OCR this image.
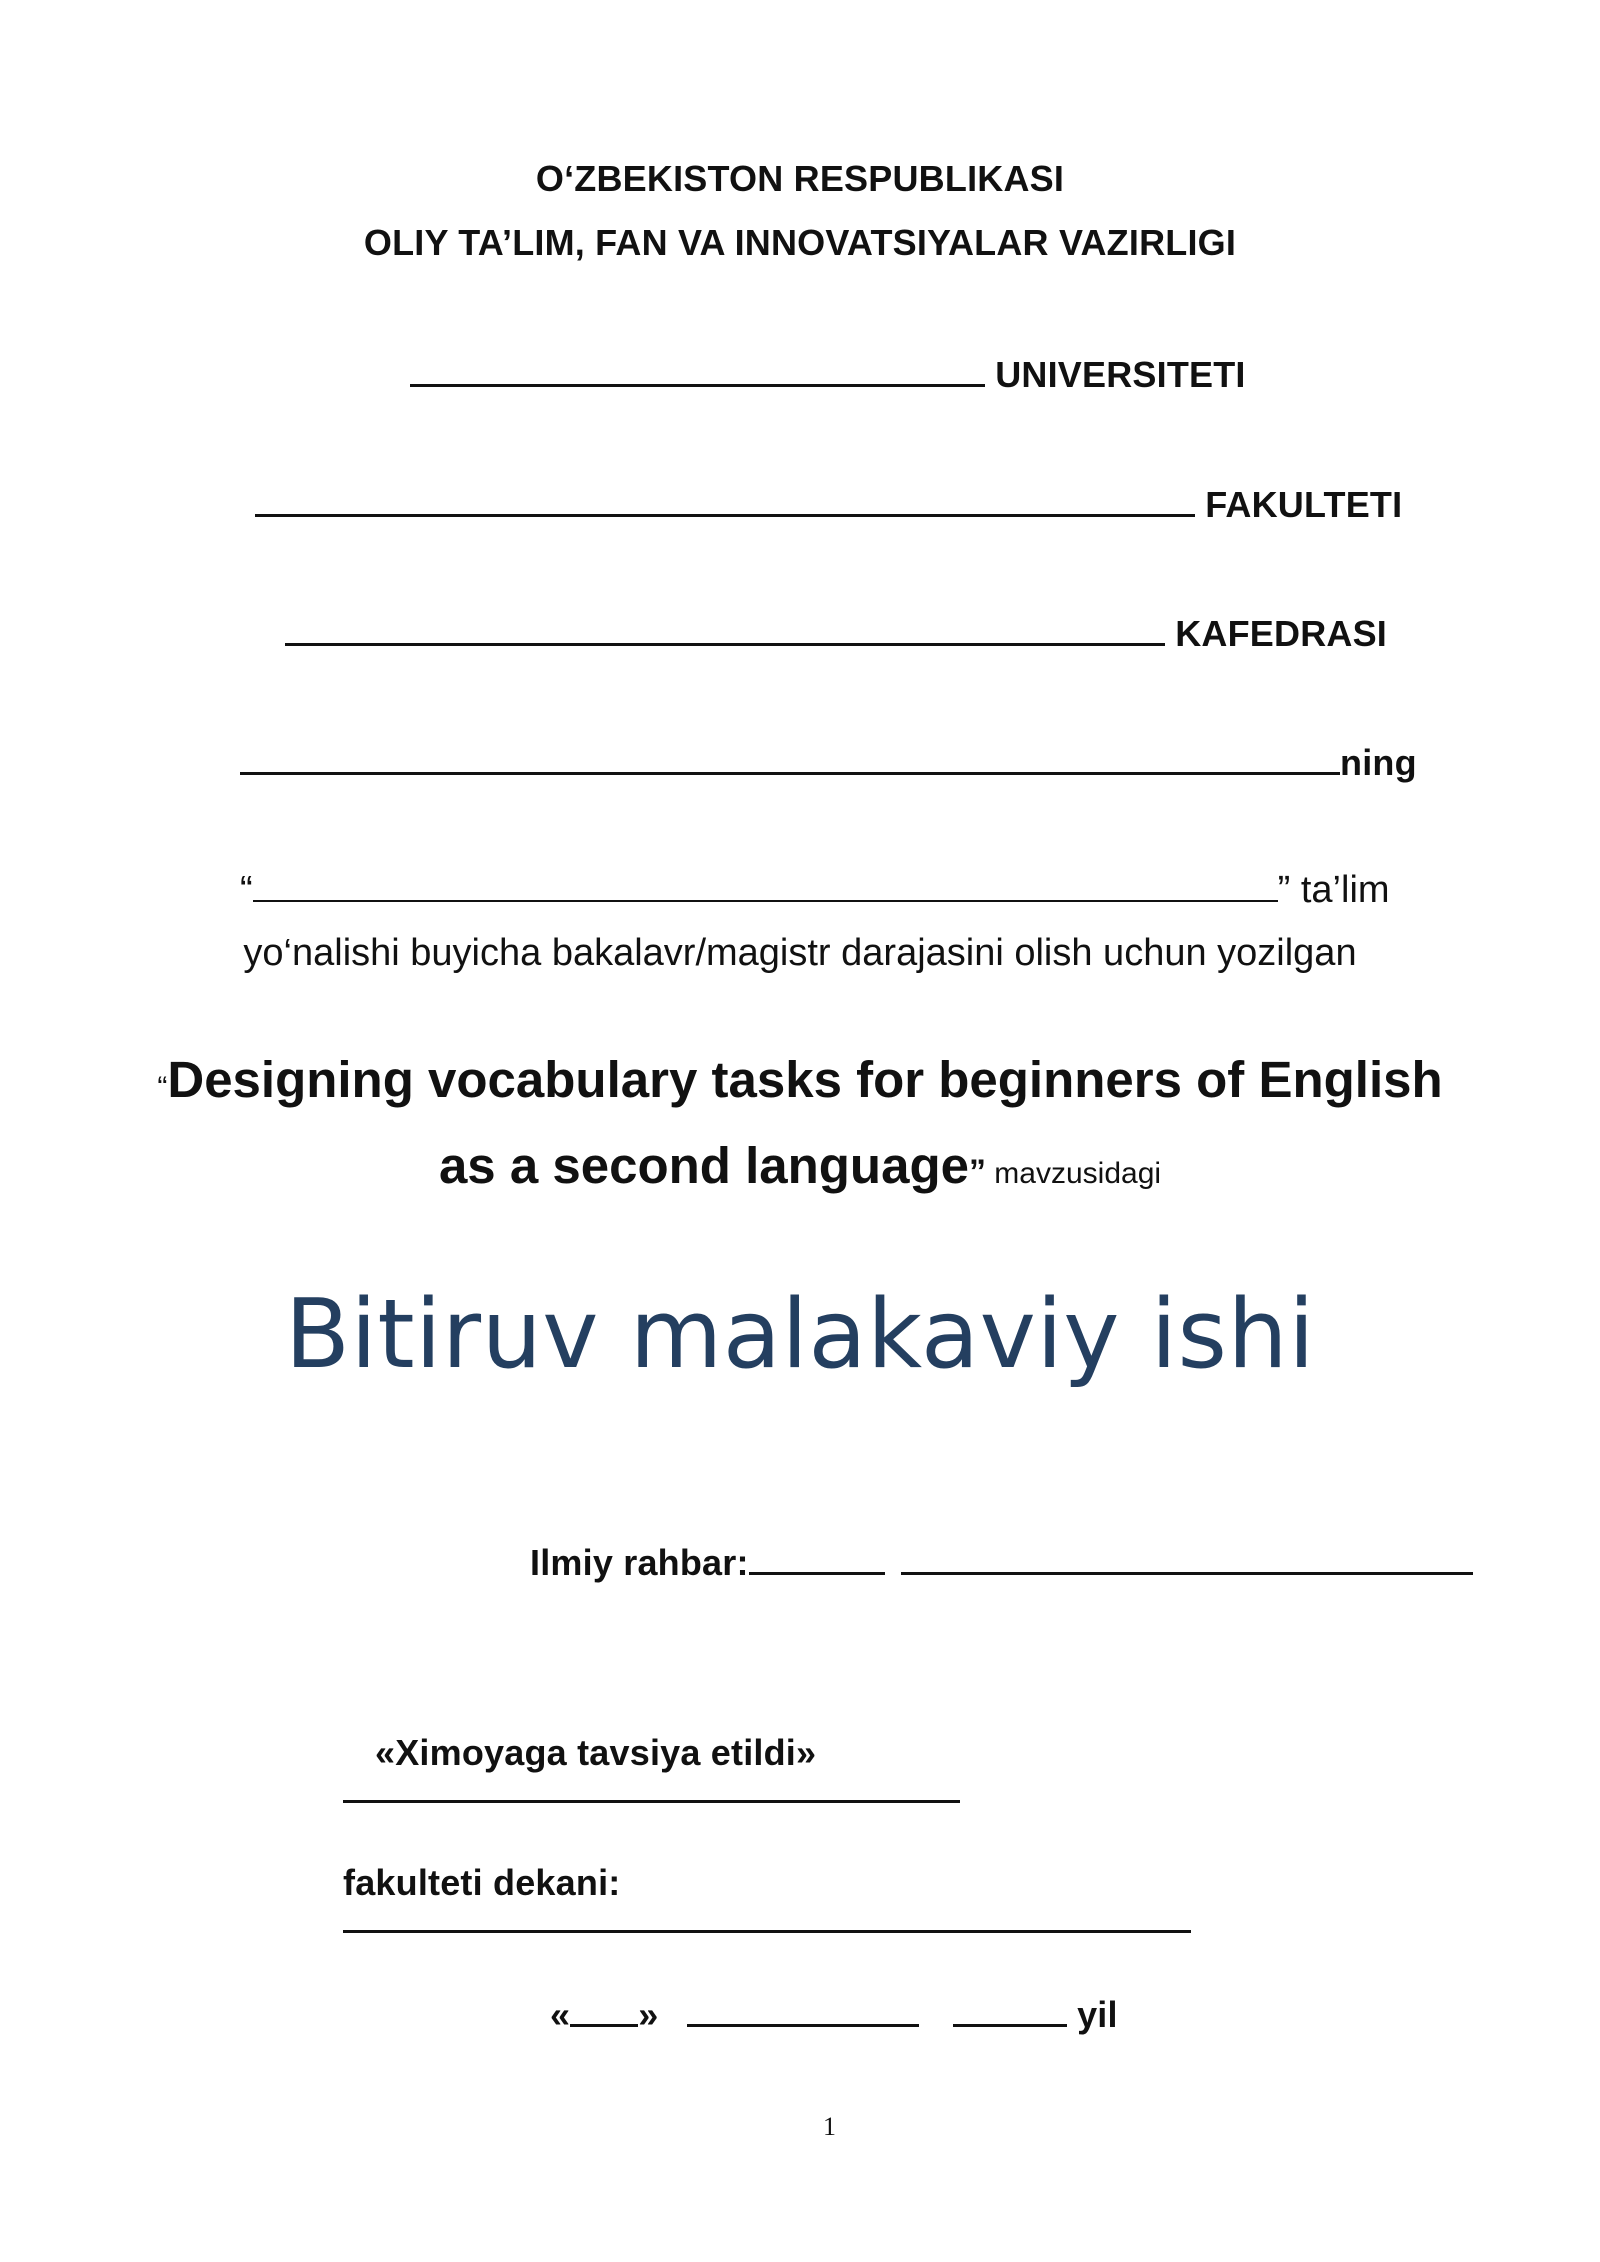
O‘ZBEKISTON RESPUBLIKASI
OLIY TA’LIM, FAN VA INNOVATSIYALAR VAZIRLIGI
UNIVERSITETI
FAKULTETI
KAFEDRASI
ning
“	” ta’lim
yo‘nalishi buyicha bakalavr/magistr darajasini olish uchun yozilgan
“Designing vocabulary tasks for beginners of English
as a second language” mavzusidagi
Bitiruv malakaviy ishi
Ilmiy rahbar:
«Ximoyaga tavsiya etildi»
fakulteti dekani:
« »	yil
1
